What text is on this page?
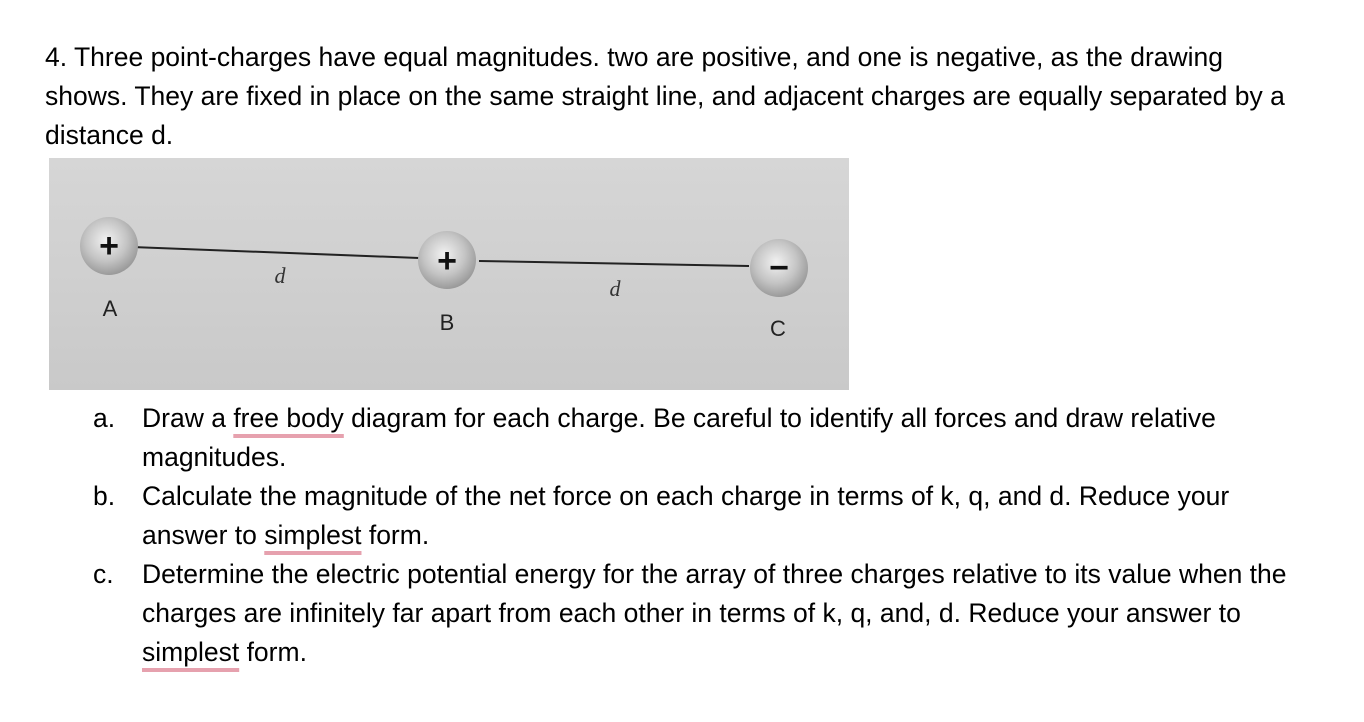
4. Three point-charges have equal magnitudes. two are positive, and one is negative, as the drawing shows. They are fixed in place on the same straight line, and adjacent charges are equally separated by a distance d.

+	+	−
d
d
A
B	C
a. Draw a free body diagram for each charge. Be careful to identify all forces and draw relative magnitudes.
b. Calculate the magnitude of the net force on each charge in terms of k, q, and d. Reduce your answer to simplest form.
c. Determine the electric potential energy for the array of three charges relative to its value when the charges are infinitely far apart from each other in terms of k, q, and, d. Reduce your answer to simplest form.
